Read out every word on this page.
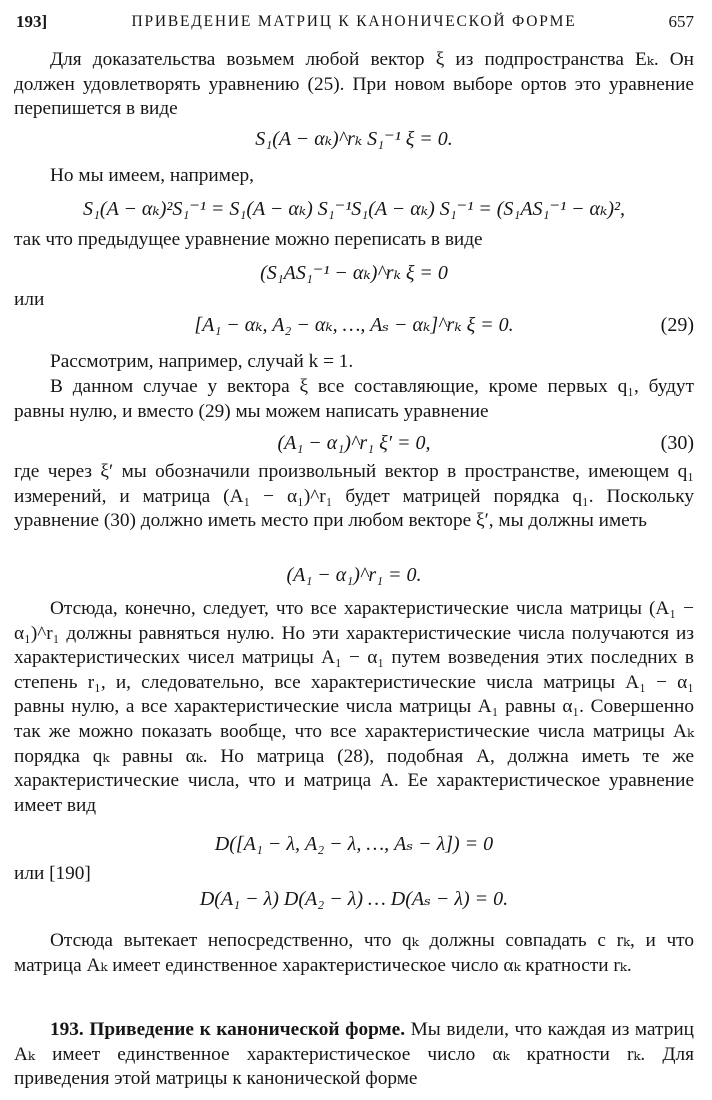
193]	ПРИВЕДЕНИЕ МАТРИЦ К КАНОНИЧЕСКОЙ ФОРМЕ	657
Для доказательства возьмем любой вектор ξ из подпространства Eₖ. Он должен удовлетворять уравнению (25). При новом выборе ортов это уравнение перепишется в виде
S₁(A − αₖ)^rₖ S₁⁻¹ ξ = 0.
Но мы имеем, например,
S₁(A − αₖ)²S₁⁻¹ = S₁(A − αₖ) S₁⁻¹S₁(A − αₖ) S₁⁻¹ = (S₁AS₁⁻¹ − αₖ)²,
так что предыдущее уравнение можно переписать в виде
(S₁AS₁⁻¹ − αₖ)^rₖ ξ = 0
или
[A₁ − αₖ, A₂ − αₖ, …, Aₛ − αₖ]^rₖ ξ = 0.	(29)
Рассмотрим, например, случай k = 1.
В данном случае у вектора ξ все составляющие, кроме первых q₁, будут равны нулю, и вместо (29) мы можем написать уравнение
(A₁ − α₁)^r₁ ξ′ = 0,	(30)
где через ξ′ мы обозначили произвольный вектор в пространстве, имеющем q₁ измерений, и матрица (A₁ − α₁)^r₁ будет матрицей порядка q₁. Поскольку уравнение (30) должно иметь место при любом векторе ξ′, мы должны иметь
(A₁ − α₁)^r₁ = 0.
Отсюда, конечно, следует, что все характеристические числа матрицы (A₁ − α₁)^r₁ должны равняться нулю. Но эти характеристические числа получаются из характеристических чисел матрицы A₁ − α₁ путем возведения этих последних в степень r₁, и, следовательно, все характеристические числа матрицы A₁ − α₁ равны нулю, а все характеристические числа матрицы A₁ равны α₁. Совершенно так же можно показать вообще, что все характеристические числа матрицы Aₖ порядка qₖ равны αₖ. Но матрица (28), подобная A, должна иметь те же характеристические числа, что и матрица A. Ее характеристическое уравнение имеет вид
D([A₁ − λ, A₂ − λ, …, Aₛ − λ]) = 0
или [190]
D(A₁ − λ) D(A₂ − λ) … D(Aₛ − λ) = 0.
Отсюда вытекает непосредственно, что qₖ должны совпадать с rₖ, и что матрица Aₖ имеет единственное характеристическое число αₖ кратности rₖ.
193. Приведение к канонической форме. Мы видели, что каждая из матриц Aₖ имеет единственное характеристическое число αₖ кратности rₖ. Для приведения этой матрицы к канонической форме
